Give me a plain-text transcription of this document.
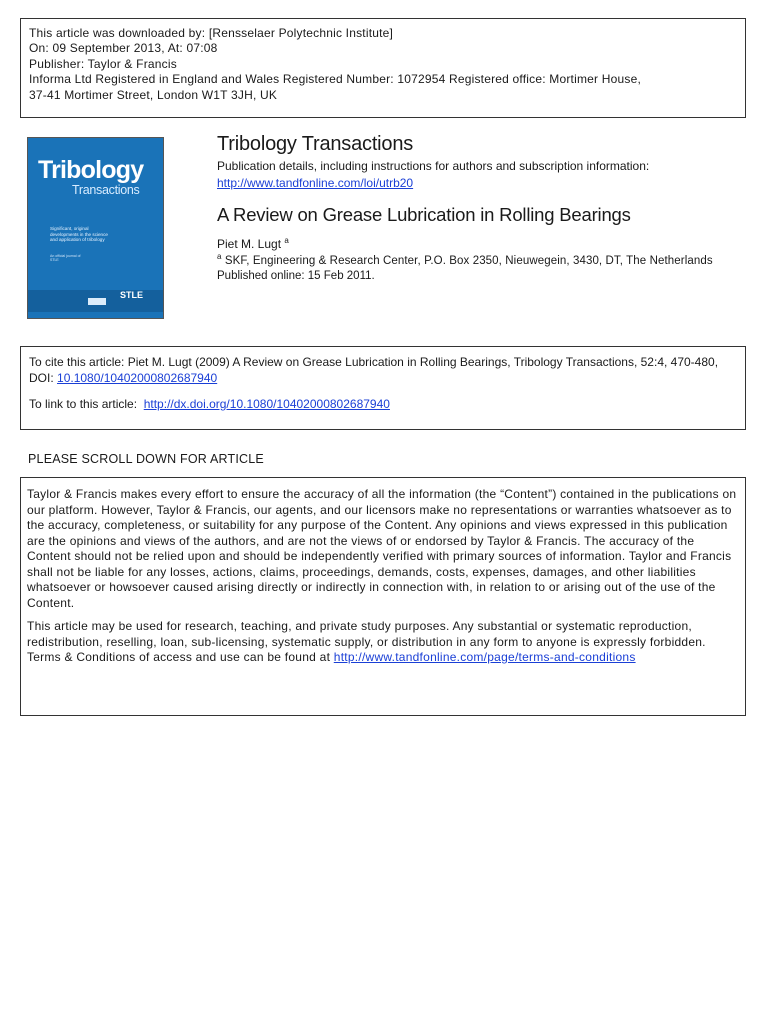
This article was downloaded by: [Rensselaer Polytechnic Institute]
On: 09 September 2013, At: 07:08
Publisher: Taylor & Francis
Informa Ltd Registered in England and Wales Registered Number: 1072954 Registered office: Mortimer House,
37-41 Mortimer Street, London W1T 3JH, UK
Tribology
Transactions
Significant, original developments in the science and application of tribology
An official journal of STLE
STLE
Tribology Transactions
Publication details, including instructions for authors and subscription information:
http://www.tandfonline.com/loi/utrb20
A Review on Grease Lubrication in Rolling Bearings
Piet M. Lugt $^a$
$^a$ SKF, Engineering & Research Center, P.O. Box 2350, Nieuwegein, 3430, DT, The Netherlands
Published online: 15 Feb 2011.
To cite this article: Piet M. Lugt (2009) A Review on Grease Lubrication in Rolling Bearings, Tribology Transactions, 52:4, 470-480, DOI: 10.1080/10402000802687940
To link to this article: http://dx.doi.org/10.1080/10402000802687940
PLEASE SCROLL DOWN FOR ARTICLE

Taylor & Francis makes every effort to ensure the accuracy of all the information (the “Content”) contained in the publications on our platform. However, Taylor & Francis, our agents, and our licensors make no representations or warranties whatsoever as to the accuracy, completeness, or suitability for any purpose of the Content. Any opinions and views expressed in this publication are the opinions and views of the authors, and are not the views of or endorsed by Taylor & Francis. The accuracy of the Content should not be relied upon and should be independently verified with primary sources of information. Taylor and Francis shall not be liable for any losses, actions, claims, proceedings, demands, costs, expenses, damages, and other liabilities whatsoever or howsoever caused arising directly or indirectly in connection with, in relation to or arising out of the use of the Content.

This article may be used for research, teaching, and private study purposes. Any substantial or systematic reproduction, redistribution, reselling, loan, sub-licensing, systematic supply, or distribution in any form to anyone is expressly forbidden. Terms & Conditions of access and use can be found at http://www.tandfonline.com/page/terms-and-conditions
